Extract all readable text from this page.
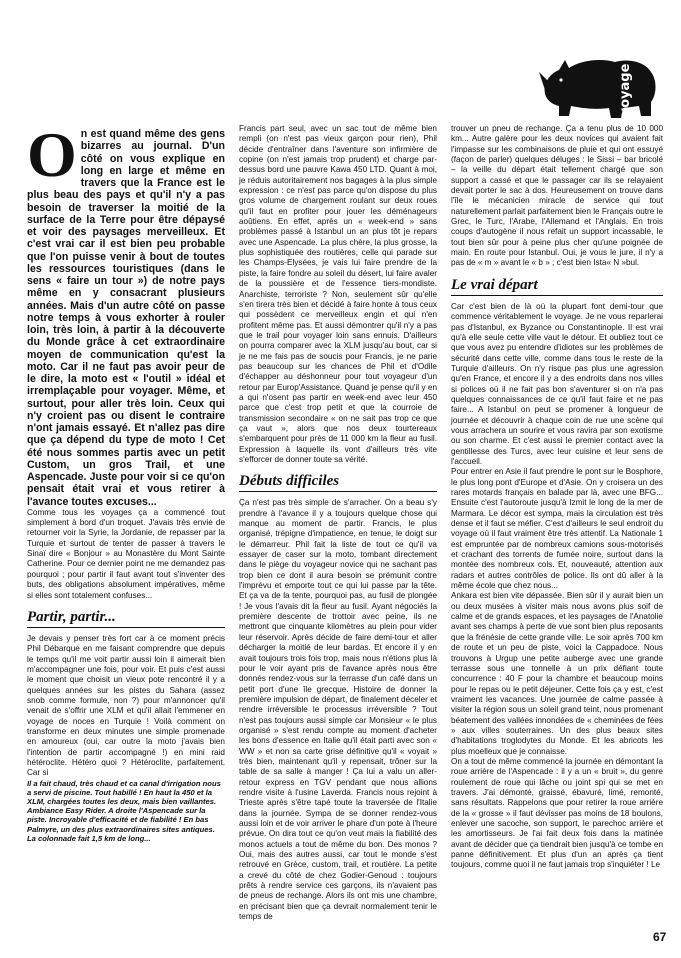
voyage

On est quand même des gens bizarres au journal. D'un côté on vous explique en long en large et même en travers que la France est le plus beau des pays et qu'il n'y a pas besoin de traverser la moitié de la surface de la Terre pour être dépaysé et voir des paysages merveilleux. Et c'est vrai car il est bien peu probable que l'on puisse venir à bout de toutes les ressources touristiques (dans le sens « faire un tour ») de notre pays même en y consacrant plusieurs années. Mais d'un autre côté on passe notre temps à vous exhorter à rouler loin, très loin, à partir à la découverte du Monde grâce à cet extraordinaire moyen de communication qu'est la moto. Car il ne faut pas avoir peur de le dire, la moto est « l'outil » idéal et irremplaçable pour voyager. Même, et surtout, pour aller très loin. Ceux qui n'y croient pas ou disent le contraire n'ont jamais essayé. Et n'allez pas dire que ça dépend du type de moto ! Cet été nous sommes partis avec un petit Custom, un gros Trail, et une Aspencade. Juste pour voir si ce qu'on pensait était vrai et vous retirer à l'avance toutes excuses...

Comme tous les voyages ça a commencé tout simplement à bord d'un troquet. J'avais très envie de retourner voir la Syrie, la Jordanie, de repasser par la Turquie et surtout de tenter de passer à travers le Sinaï dire « Bonjour » au Monastère du Mont Sainte Catherine. Pour ce dernier point ne me demandez pas pourquoi ; pour partir il faut avant tout s'inventer des buts, des obligations absolument impératives, même si elles sont totalement confuses...

Partir, partir...

Je devais y penser très fort car à ce moment précis Phil Débarque en me faisant comprendre que depuis le temps qu'il me voit partir aussi loin il aimerait bien m'accompagner une fois, pour voir. Et puis c'est aussi le moment que choisit un vieux pote rencontré il y a quelques années sur les pistes du Sahara (assez snob comme formule, non ?) pour m'annoncer qu'il venait de s'offrir une XLM et qu'il allait l'emmener en voyage de noces en Turquie ! Voilà comment on transforme en deux minutes une simple promenade en amoureux (oui, car outre la moto j'avais bien l'intention de partir accompagné !) en mini raid hétéroclite. Hétéro quoi ? Hétéroclite, parfaitement. Car si

Il a fait chaud, très chaud et ca canal d'irrigation nous a servi de piscine. Tout habillé ! En haut la 450 et la XLM, chargées toutes les deux, mais bien vaillantes. Ambiance Easy Rider. A droite l'Aspencade sur la piste. Incroyable d'efficacité et de fiabilité ! En bas Palmyre, un des plus extraordinaires sites antiques. La colonnade fait 1,5 km de long...

Francis part seul, avec un sac tout de même bien rempli (on n'est pas vieux garçon pour rien), Phil décide d'entraîner dans l'aventure son infirmière de copine (on n'est jamais trop prudent) et charge par-dessus bord une pauvre Kawa 450 LTD. Quant à moi, je réduis autoritairement nos bagages à la plus simple expression : ce n'est pas parce qu'on dispose du plus gros volume de chargement roulant sur deux roues qu'il faut en profiter pour jouer les déménageurs aoûtiens. En effet, après un « week-end » sans problèmes passé à Istanbul un an plus tôt je repars avec une Aspencade. La plus chère, la plus grosse, la plus sophistiquée des routières, celle qui parade sur les Champs-Elysées, je vais lui faire prendre de la piste, la faire fondre au soleil du désert, lui faire avaler de la poussière et de l'essence tiers-mondiste. Anarchiste, terroriste ? Non, seulement sûr qu'elle s'en tirera très bien et décidé à faire honte à tous ceux qui possèdent ce merveilleux engin et qui n'en profitent même pas. Et aussi démontrer qu'il n'y a pas que le trail pour voyager loin sans ennuis. D'ailleurs on pourra comparer avec la XLM jusqu'au bout, car si je ne me fais pas de soucis pour Francis, je ne parie pas beaucoup sur les chances de Phil et d'Odile d'échapper au déshonneur pour tout voyageur d'un retour par Europ'Assistance. Quand je pense qu'il y en a qui n'osent pas partir en week-end avec leur 450 parce que c'est trop petit et que la courroie de transmission secondaire « on ne sait pas trop ce que ça vaut », alors que nos deux tourtereaux s'embarquent pour près de 11 000 km la fleur au fusil. Expression à laquelle ils vont d'ailleurs très vite s'efforcer de donner toute sa vérité.

Débuts difficiles

Ça n'est pas très simple de s'arracher. On a beau s'y prendre à l'avance il y a toujours quelque chose qui manque au moment de partir. Francis, le plus organisé, trépigne d'impatience, en tenue, le doigt sur le démarreur. Phil fait la liste de tout ce qu'il va essayer de caser sur la moto, tombant directement dans le piège du voyageur novice qui ne sachant pas trop bien ce dont il aura besoin se prémunit contre l'imprévu et emporte tout ce qui lui passe par la tête. Et ça va de la tente, pourquoi pas, au fusil de plongée ! Je vous l'avais dit la fleur au fusil. Ayant négociés la première descente de trottoir avec peine, ils ne mettront que cinquante kilomètres au plein pour vider leur réservoir. Après décide de faire demi-tour et aller décharger la moitié de leur bardas. Et encore il y en avait toujours trois fois trop, mais nous n'étions plus là pour le voir ayant pris de l'avance après nous être donnés rendez-vous sur la terrasse d'un café dans un petit port d'une île grecque. Histoire de donner la première impulsion de départ, de finalement déceler et rendre irréversible le processus irréversible ? Tout n'est pas toujours aussi simple car Monsieur « le plus organisé » s'est rendu compte au moment d'acheter les bons d'essence en Italie qu'il était parti avec son « WW » et non sa carte grise définitive qu'il « voyait » très bien, maintenant qu'il y repensait, trôner sur la table de sa salle à manger ! Ça lui a valu un aller-retour express en TGV pendant que nous allions rendre visite à l'usine Laverda. Francis nous rejoint à Trieste après s'être tapé toute la traversée de l'Italie dans la journée. Sympa de se donner rendez-vous aussi loin et de voir arriver le phare d'un pote à l'heure prévue. On dira tout ce qu'on veut mais la fiabilité des monos actuels a tout de même du bon. Des monos ? Oui, mais des autres aussi, car tout le monde s'est retrouvé en Grèce, custom, trail, et routière. La petite a crevé du côté de chez Godier-Genoud : toujours prêts à rendre service ces garçons, ils n'avaient pas de pneus de rechange. Alors ils ont mis une chambre, en précisant bien que ça devrait normalement tenir le temps de

trouver un pneu de rechange. Ça a tenu plus de 10 000 km... Autre galère pour les deux novices qui avaient fait l'impasse sur les combinaisons de pluie et qui ont essuyé (façon de parler) quelques déluges : le Sissi – bar bricolé – la veille du départ était tellement chargé que son support a cassé et que le passager car ils se relayaient devait porter le sac à dos. Heureusement on trouve dans l'île le mécanicien miracle de service qui tout naturellement parlait parfaitement bien le Français outre le Grec, le Turc, l'Arabe, l'Allemand et l'Anglais. En trois coups d'autogène il nous refait un support incassable, le tout bien sûr pour à peine plus cher qu'une poignée de main. En route pour Istanbul. Oui, je vous le jure, il n'y a pas de « m » avant le « b » ; c'est bien Ista« N »bul.

Le vrai départ

Car c'est bien de là où la plupart font demi-tour que commence véritablement le voyage. Je ne vous reparlerai pas d'Istanbul, ex Byzance ou Constantinople. Il est vrai qu'à elle seule cette ville vaut le détour. Et oubliez tout ce que vous avez pu entendre d'idiotes sur les problèmes de sécurité dans cette ville, comme dans tous le reste de la Turquie d'ailleurs. On n'y risque pas plus une agression qu'en France, et encore il y a des endroits dans nos villes si polices où il ne fait pas bon s'aventurer si on n'a pas quelques connaissances de ce qu'il faut faire et ne pas faire... A Istanbul on peut se promener à longueur de journée et découvrir à chaque coin de rue une scène qui vous arrachera un sourire et vous ravira par son exotisme ou son charme. Et c'est aussi le premier contact avec la gentillesse des Turcs, avec leur cuisine et leur sens de l'accueil.

Pour entrer en Asie il faut prendre le pont sur le Bosphore, le plus long pont d'Europe et d'Asie. On y croisera un des rares motards français en balade par là, avec une BFG... Ensuite c'est l'autoroute jusqu'à Izmit le long de la mer de Marmara. Le décor est sympa, mais la circulation est très dense et il faut se méfier. C'est d'ailleurs le seul endroit du voyage où il faut vraiment être très attentif. La Nationale 1 est empruntée par de nombreux camions sous-motorisés et crachant des torrents de fumée noire, surtout dans la montée des nombreux cols. Et, nouveauté, attention aux radars et autres contrôles de police. Ils ont dû aller à la même école que chez nous...

Ankara est bien vite dépassée. Bien sûr il y aurait bien un ou deux musées à visiter mais nous avons plus soif de calme et de grands espaces, et les paysages de l'Anatolie avant ses champs à perte de vue sont bien plus reposants que la frénésie de cette grande ville. Le soir après 700 km de route et un peu de piste, voici la Cappadoce. Nous trouvons à Urgup une petite auberge avec une grande terrasse sous une tonnelle à un prix défiant toute concurrence : 40 F pour la chambre et beaucoup moins pour le repas ou le petit déjeuner. Cette fois ça y est, c'est vraiment les vacances. Une journée de calme passée à visiter la région sous un soleil grand teint, nous promenant béatement des vallées innondées de « cheminées de fées » aux villes souterraines. Un des plus beaux sites d'habitations troglodytes du Monde. Et les abricots les plus moelleux que je connaisse.

On a tout de même commencé la journée en démontant la roue arrière de l'Aspencade : il y a un « bruit », du genre roulement de roue qui lâche ou joint spi qui se met en travers. J'ai démonté, graissé, ébavuré, limé, remonté, sans résultats. Rappelons que pour retirer la roue arrière de la « grosse » il faut dévisser pas moins de 18 boulons, enlever une sacoche, son support, le parechoc arrière et les amortisseurs. Je l'ai fait deux fois dans la matinée avant de décider que ça tiendrait bien jusqu'à ce tombe en panne définitivement. Et plus d'un an après ça tient toujours, comme quoi il ne faut jamais trop s'inquiéter ! Le

67
